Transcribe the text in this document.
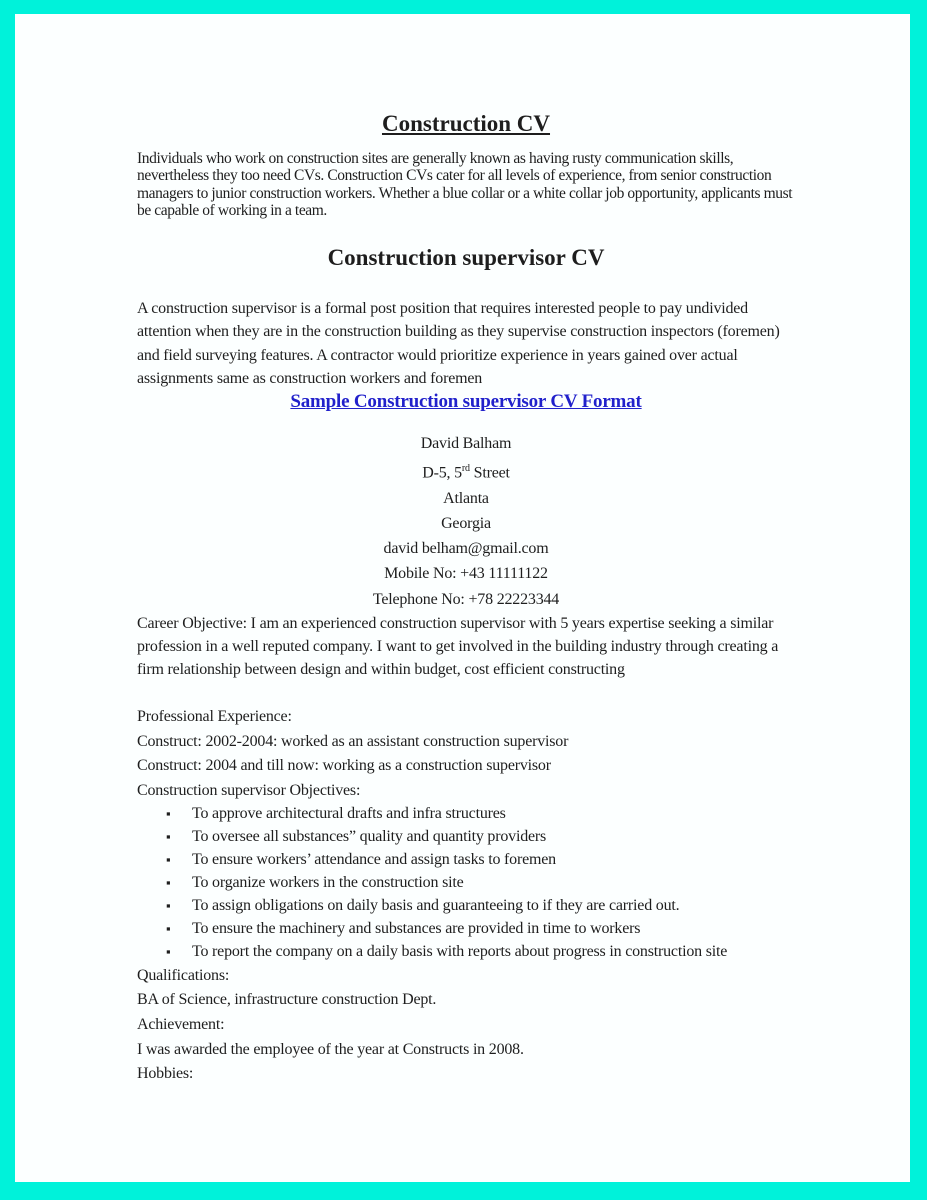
Construction CV

Individuals who work on construction sites are generally known as having rusty communication skills, nevertheless they too need CVs. Construction CVs cater for all levels of experience, from senior construction managers to junior construction workers. Whether a blue collar or a white collar job opportunity, applicants must be capable of working in a team.

Construction supervisor CV

A construction supervisor is a formal post position that requires interested people to pay undivided attention when they are in the construction building as they supervise construction inspectors (foremen) and field surveying features. A contractor would prioritize experience in years gained over actual assignments same as construction workers and foremen

Sample Construction supervisor CV Format
David Balham
D-5, 5rd Street
Atlanta
Georgia
david belham@gmail.com
Mobile No: +43 11111122
Telephone No: +78 22223344

Career Objective: I am an experienced construction supervisor with 5 years expertise seeking a similar profession in a well reputed company. I want to get involved in the building industry through creating a firm relationship between design and within budget, cost efficient constructing

Professional Experience:
Construct: 2002-2004: worked as an assistant construction supervisor
Construct: 2004 and till now: working as a construction supervisor
Construction supervisor Objectives:
▪ To approve architectural drafts and infra structures
▪ To oversee all substances” quality and quantity providers
▪ To ensure workers’ attendance and assign tasks to foremen
▪ To organize workers in the construction site
▪ To assign obligations on daily basis and guaranteeing to if they are carried out.
▪ To ensure the machinery and substances are provided in time to workers
▪ To report the company on a daily basis with reports about progress in construction site
Qualifications:
BA of Science, infrastructure construction Dept.
Achievement:
I was awarded the employee of the year at Constructs in 2008.
Hobbies:
